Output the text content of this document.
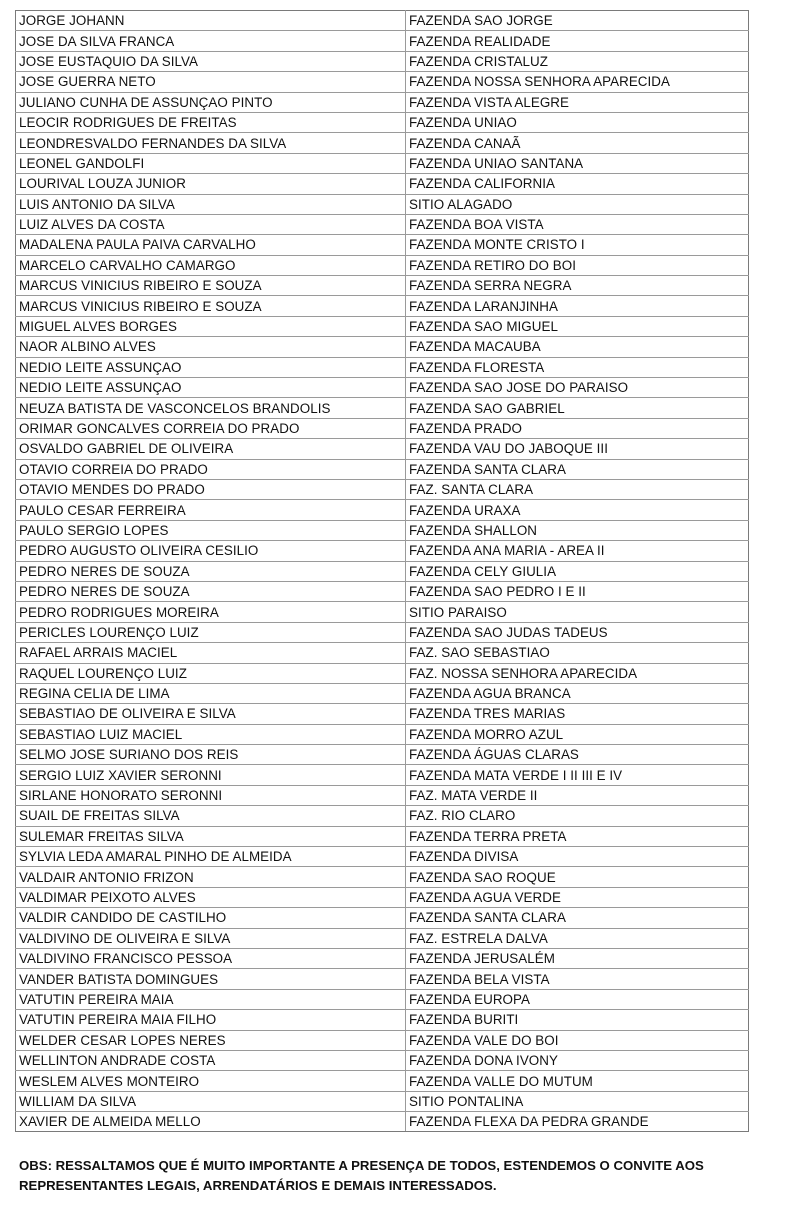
JORGE JOHANN	FAZENDA SAO JORGE
JOSE DA SILVA FRANCA	FAZENDA REALIDADE
JOSE EUSTAQUIO DA SILVA	FAZENDA CRISTALUZ
JOSE GUERRA NETO	FAZENDA NOSSA SENHORA APARECIDA
JULIANO CUNHA DE ASSUNÇAO PINTO	FAZENDA VISTA ALEGRE
LEOCIR RODRIGUES DE FREITAS	FAZENDA UNIAO
LEONDRESVALDO FERNANDES DA SILVA	FAZENDA CANAÃ
LEONEL GANDOLFI	FAZENDA UNIAO SANTANA
LOURIVAL LOUZA JUNIOR	FAZENDA CALIFORNIA
LUIS ANTONIO DA SILVA	SITIO ALAGADO
LUIZ ALVES DA COSTA	FAZENDA BOA VISTA
MADALENA PAULA PAIVA CARVALHO	FAZENDA MONTE CRISTO I
MARCELO CARVALHO CAMARGO	FAZENDA RETIRO DO BOI
MARCUS VINICIUS RIBEIRO E SOUZA	FAZENDA SERRA NEGRA
MARCUS VINICIUS RIBEIRO E SOUZA	FAZENDA LARANJINHA
MIGUEL ALVES BORGES	FAZENDA SAO MIGUEL
NAOR ALBINO ALVES	FAZENDA MACAUBA
NEDIO LEITE ASSUNÇAO	FAZENDA FLORESTA
NEDIO LEITE ASSUNÇAO	FAZENDA SAO JOSE DO PARAISO
NEUZA BATISTA DE VASCONCELOS BRANDOLIS	FAZENDA SAO GABRIEL
ORIMAR GONCALVES CORREIA DO PRADO	FAZENDA PRADO
OSVALDO GABRIEL DE OLIVEIRA	FAZENDA VAU DO JABOQUE III
OTAVIO CORREIA DO PRADO	FAZENDA SANTA CLARA
OTAVIO MENDES DO PRADO	FAZ. SANTA CLARA
PAULO CESAR FERREIRA	FAZENDA URAXA
PAULO SERGIO LOPES	FAZENDA SHALLON
PEDRO AUGUSTO OLIVEIRA CESILIO	FAZENDA ANA MARIA - AREA II
PEDRO NERES DE SOUZA	FAZENDA CELY GIULIA
PEDRO NERES DE SOUZA	FAZENDA SAO PEDRO I E II
PEDRO RODRIGUES MOREIRA	SITIO PARAISO
PERICLES LOURENÇO LUIZ	FAZENDA SAO JUDAS TADEUS
RAFAEL ARRAIS MACIEL	FAZ. SAO SEBASTIAO
RAQUEL LOURENÇO LUIZ	FAZ. NOSSA SENHORA APARECIDA
REGINA CELIA DE LIMA	FAZENDA AGUA BRANCA
SEBASTIAO DE OLIVEIRA E SILVA	FAZENDA TRES MARIAS
SEBASTIAO LUIZ MACIEL	FAZENDA MORRO AZUL
SELMO JOSE SURIANO DOS REIS	FAZENDA ÁGUAS CLARAS
SERGIO LUIZ XAVIER SERONNI	FAZENDA MATA VERDE I II III E IV
SIRLANE HONORATO SERONNI	FAZ. MATA VERDE II
SUAIL DE FREITAS SILVA	FAZ. RIO CLARO
SULEMAR FREITAS SILVA	FAZENDA TERRA PRETA
SYLVIA LEDA AMARAL PINHO DE ALMEIDA	FAZENDA DIVISA
VALDAIR ANTONIO FRIZON	FAZENDA SAO ROQUE
VALDIMAR PEIXOTO ALVES	FAZENDA AGUA VERDE
VALDIR CANDIDO DE CASTILHO	FAZENDA SANTA CLARA
VALDIVINO DE OLIVEIRA E SILVA	FAZ. ESTRELA DALVA
VALDIVINO FRANCISCO PESSOA	FAZENDA JERUSALÉM
VANDER BATISTA DOMINGUES	FAZENDA BELA VISTA
VATUTIN PEREIRA MAIA	FAZENDA EUROPA
VATUTIN PEREIRA MAIA FILHO	FAZENDA BURITI
WELDER CESAR LOPES NERES	FAZENDA VALE DO BOI
WELLINTON ANDRADE COSTA	FAZENDA DONA IVONY
WESLEM ALVES MONTEIRO	FAZENDA VALLE DO MUTUM
WILLIAM DA SILVA	SITIO PONTALINA
XAVIER DE ALMEIDA MELLO	FAZENDA FLEXA DA PEDRA GRANDE
OBS: RESSALTAMOS QUE É MUITO IMPORTANTE A PRESENÇA DE TODOS, ESTENDEMOS O CONVITE AOS
REPRESENTANTES LEGAIS, ARRENDATÁRIOS E DEMAIS INTERESSADOS.
